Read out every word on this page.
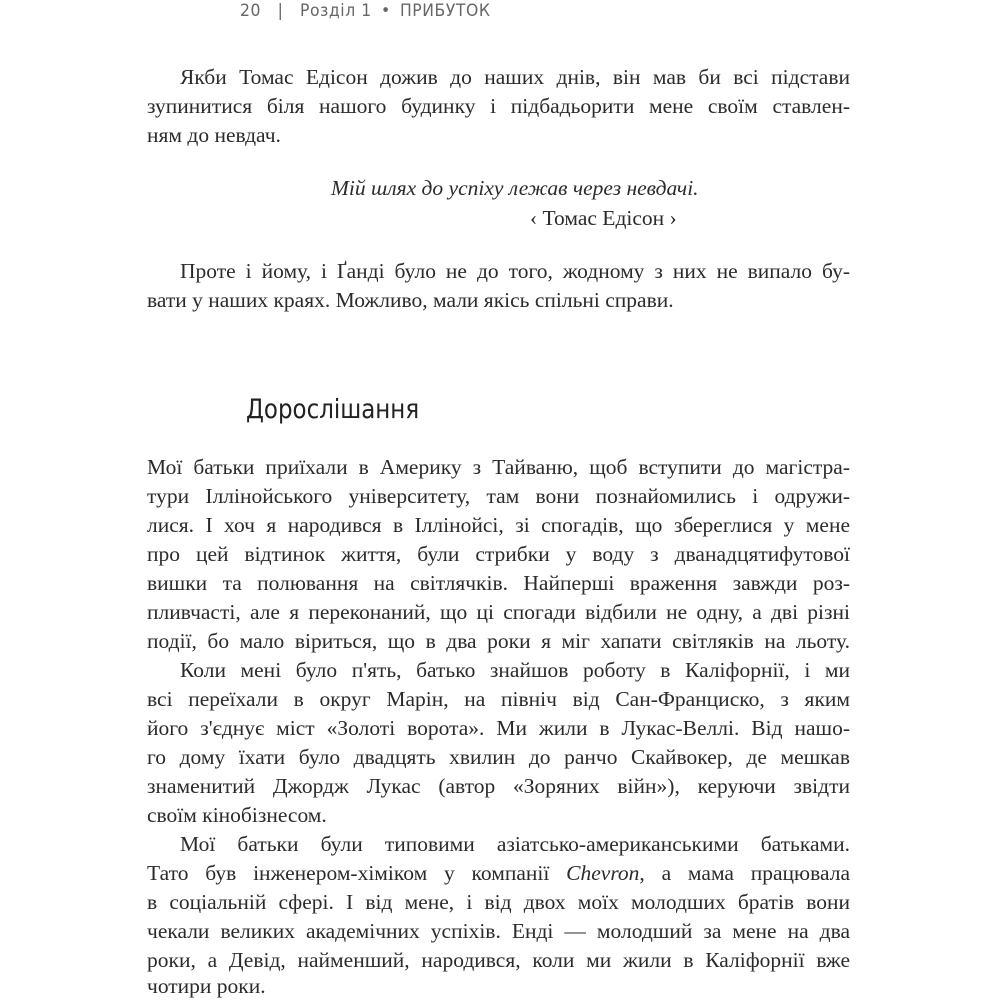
20 | Розділ 1 • ПРИБУТОК
Якби Томас Едісон дожив до наших днів, він мав би всі підстави
зупинитися біля нашого будинку і підбадьорити мене своїм ставлен-
ням до невдач.
Мій шлях до успіху лежав через невдачі.
‹ Томас Едісон ›
Проте і йому, і Ґанді було не до того, жодному з них не випало бу-
вати у наших краях. Можливо, мали якісь спільні справи.
Дорослішання
Мої батьки приїхали в Америку з Тайваню, щоб вступити до магістра-
тури Іллінойського університету, там вони познайомились і одружи-
лися. І хоч я народився в Іллінойсі, зі спогадів, що збереглися у мене
про цей відтинок життя, були стрибки у воду з дванадцятифутової
вишки та полювання на світлячків. Найперші враження завжди роз-
пливчасті, але я переконаний, що ці спогади відбили не одну, а дві різні
події, бо мало віриться, що в два роки я міг хапати світляків на льоту.
Коли мені було п'ять, батько знайшов роботу в Каліфорнії, і ми
всі переїхали в округ Марін, на північ від Сан-Франциско, з яким
його з'єднує міст «Золоті ворота». Ми жили в Лукас-Веллі. Від нашо-
го дому їхати було двадцять хвилин до ранчо Скайвокер, де мешкав
знаменитий Джордж Лукас (автор «Зоряних війн»), керуючи звідти
своїм кінобізнесом.
Мої батьки були типовими азіатсько-американськими батьками.
Тато був інженером-хіміком у компанії Chevron, а мама працювала
в соціальній сфері. І від мене, і від двох моїх молодших братів вони
чекали великих академічних успіхів. Енді — молодший за мене на два
роки, а Девід, найменший, народився, коли ми жили в Каліфорнії вже
чотири роки.
